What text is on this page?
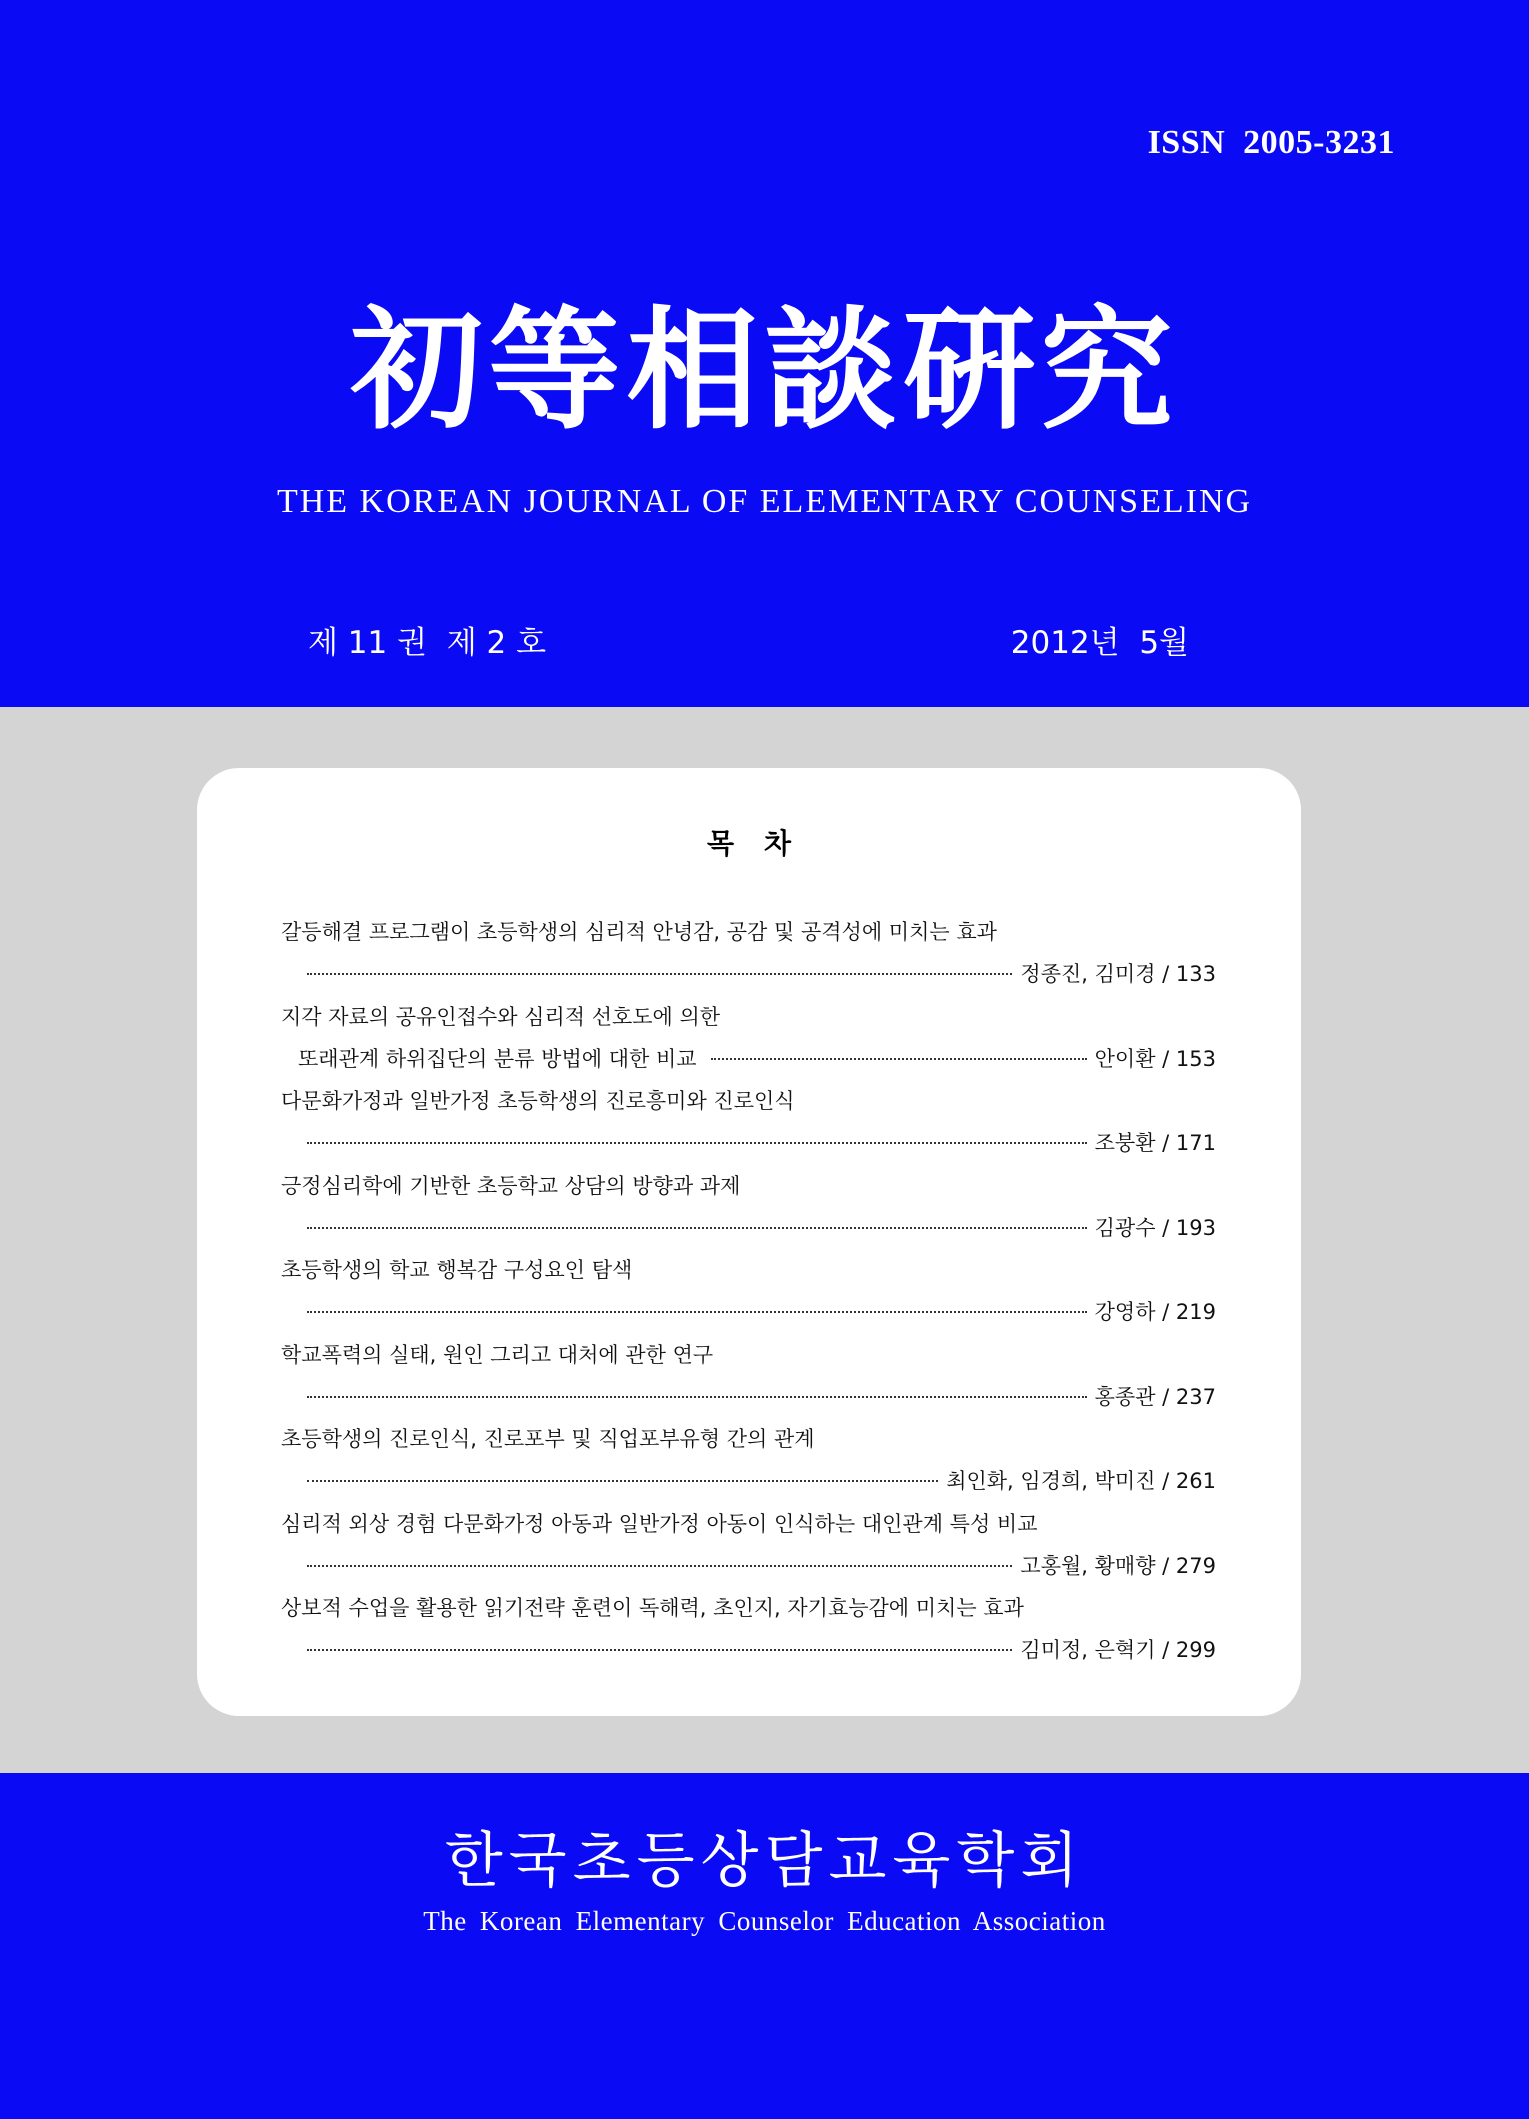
ISSN  2005-3231
初等相談硏究
THE KOREAN JOURNAL OF ELEMENTARY COUNSELING
제 11 권  제 2 호	2012년  5월
목차
갈등해결 프로그램이 초등학생의 심리적 안녕감, 공감 및 공격성에 미치는 효과
정종진, 김미경 / 133
지각 자료의 공유인접수와 심리적 선호도에 의한
또래관계 하위집단의 분류 방법에 대한 비교	안이환 / 153
다문화가정과 일반가정 초등학생의 진로흥미와 진로인식
조붕환 / 171
긍정심리학에 기반한 초등학교 상담의 방향과 과제
김광수 / 193
초등학생의 학교 행복감 구성요인 탐색
강영하 / 219
학교폭력의 실태, 원인 그리고 대처에 관한 연구
홍종관 / 237
초등학생의 진로인식, 진로포부 및 직업포부유형 간의 관계
최인화, 임경희, 박미진 / 261
심리적 외상 경험 다문화가정 아동과 일반가정 아동이 인식하는 대인관계 특성 비교
고홍월, 황매향 / 279
상보적 수업을 활용한 읽기전략 훈련이 독해력, 초인지, 자기효능감에 미치는 효과
김미정, 은혁기 / 299
한국초등상담교육학회
The Korean Elementary Counselor Education Association
